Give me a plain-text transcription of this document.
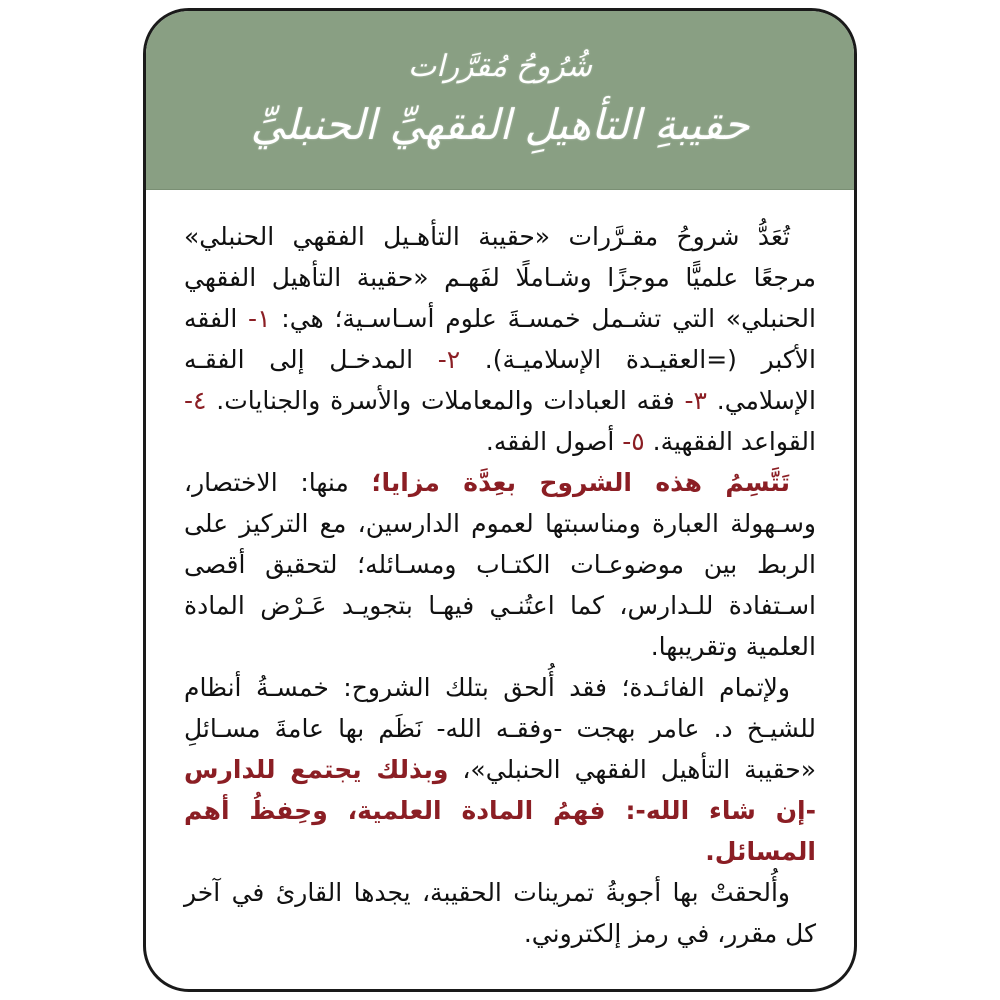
شُرُوحُ مُقرَّرات
حقيبةِ التأهيلِ الفقهيِّ الحنبليِّ

تُعَدُّ شروحُ مقـرَّرات «حقيبة التأهـيل الفقهي الحنبلي» مرجعًا علميًّا موجزًا وشـاملًا لفَهـم «حقيبة التأهيل الفقهي الحنبلي» التي تشـمل خمسـةَ علوم أسـاسـية؛ هي: ١- الفقه الأكبر (=العقيـدة الإسلاميـة). ٢- المدخـل إلى الفقـه الإسلامي. ٣- فقه العبادات والمعاملات والأسرة والجنايات. ٤- القواعد الفقهية. ٥- أصول الفقه.

تَتَّسِمُ هذه الشروح بعِدَّة مزايا؛ منها: الاختصار، وسـهولة العبارة ومناسبتها لعموم الدارسين، مع التركيز على الربط بين موضوعـات الكتـاب ومسـائله؛ لتحقيق أقصى اسـتفادة للـدارس، كما اعتُنـي فيهـا بتجويـد عَـرْض المادة العلمية وتقريبها.

ولإتمام الفائـدة؛ فقد أُلحق بتلك الشروح: خمسـةُ أنظام للشيـخ د. عامر بهجت -وفقـه الله- نَظَم بها عامةَ مسـائلِ «حقيبة التأهيل الفقهي الحنبلي»، وبذلك يجتمع للدارس -إن شاء الله-: فهمُ المادة العلمية، وحِفظُ أهم المسائل.

وأُلحقتْ بها أجوبةُ تمرينات الحقيبة، يجدها القارئ في آخر كل مقرر، في رمز إلكتروني.
